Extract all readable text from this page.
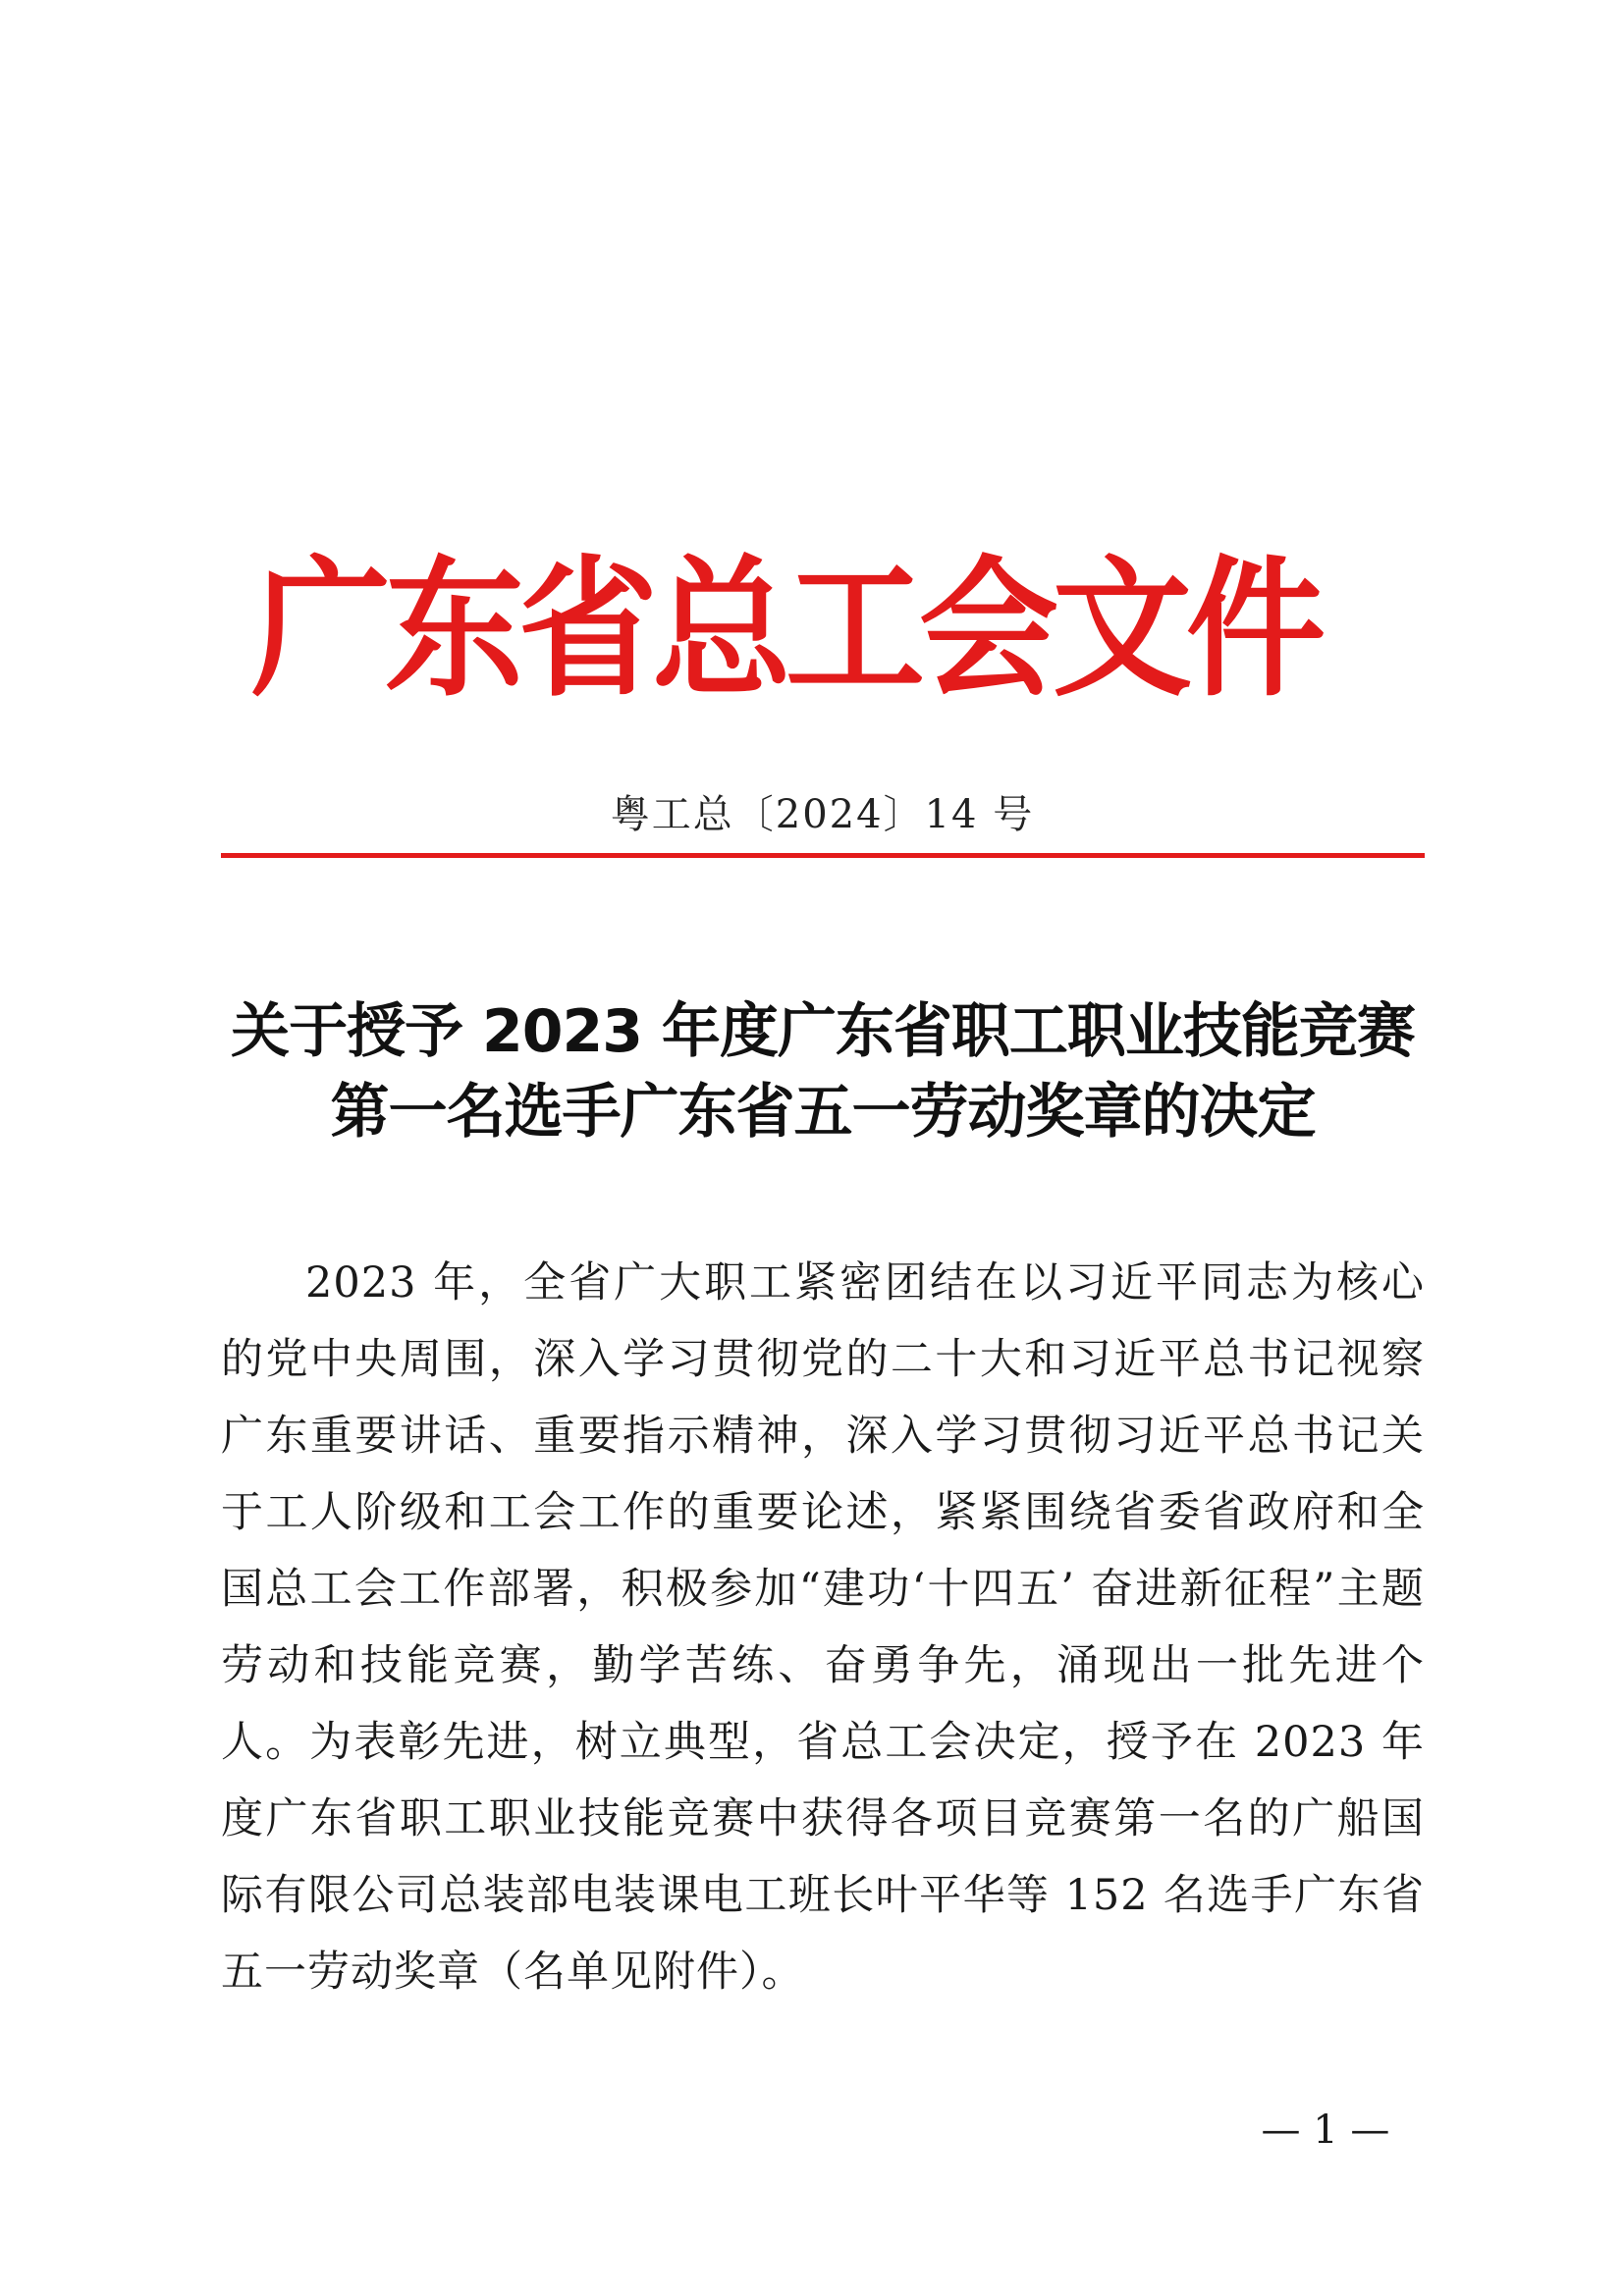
广东省总工会文件
粤工总〔2024〕14 号
关于授予 2023 年度广东省职工职业技能竞赛
第一名选手广东省五一劳动奖章的决定

2023 年，全省广大职工紧密团结在以习近平同志为核心的党中央周围，深入学习贯彻党的二十大和习近平总书记视察广东重要讲话、重要指示精神，深入学习贯彻习近平总书记关于工人阶级和工会工作的重要论述，紧紧围绕省委省政府和全国总工会工作部署，积极参加“建功‘十四五’ 奋进新征程”主题劳动和技能竞赛，勤学苦练、奋勇争先，涌现出一批先进个人。为表彰先进，树立典型，省总工会决定，授予在 2023 年度广东省职工职业技能竞赛中获得各项目竞赛第一名的广船国际有限公司总装部电装课电工班长叶平华等 152 名选手广东省五一劳动奖章（名单见附件）。

— 1 —
